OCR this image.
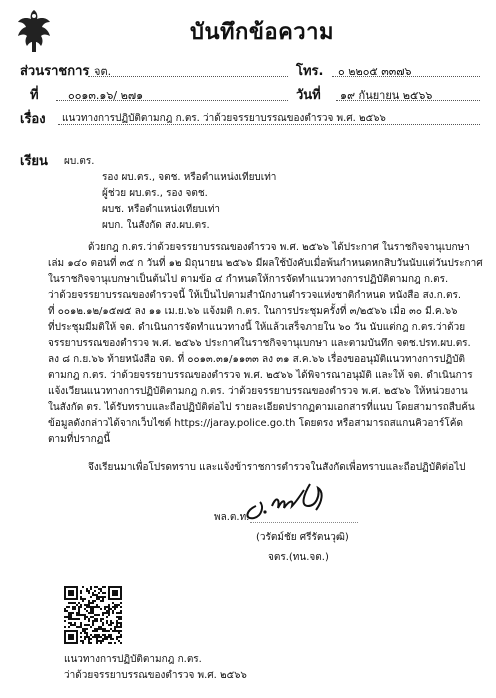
บันทึกข้อความ
ส่วนราชการ จต.	โทร. ๐ ๒๒๐๕ ๓๓๗๖
ที่	๐๐๑๓.๑๖/ ๒๗๑	วันที่ ๑๙ กันยายน ๒๕๖๖
เรื่อง แนวทางการปฏิบัติตามกฎ ก.ตร. ว่าด้วยจรรยาบรรณของตำรวจ พ.ศ. ๒๕๖๖
เรียน ผบ.ตร.
รอง ผบ.ตร., จตช. หรือตำแหน่งเทียบเท่า
ผู้ช่วย ผบ.ตร., รอง จตช.
ผบช. หรือตำแหน่งเทียบเท่า
ผบก. ในสังกัด สง.ผบ.ตร.
ด้วยกฎ ก.ตร.ว่าด้วยจรรยาบรรณของตำรวจ พ.ศ. ๒๕๖๖ ได้ประกาศ ในราชกิจจานุเบกษา
เล่ม ๑๔๐ ตอนที่ ๓๕ ก วันที่ ๑๒ มิถุนายน ๒๕๖๖ มีผลใช้บังคับเมื่อพ้นกำหนดหกสิบวันนับแต่วันประกาศ
ในราชกิจจานุเบกษาเป็นต้นไป ตามข้อ ๔ กำหนดให้การจัดทำแนวทางการปฏิบัติตามกฎ ก.ตร.
ว่าด้วยจรรยาบรรณของตำรวจนี้ ให้เป็นไปตามสำนักงานตำรวจแห่งชาติกำหนด หนังสือ สง.ก.ตร.
ที่ ๐๐๑๒.๑๒/๑๕๗๕ ลง ๑๑ เม.ย.๖๖ แจ้งมติ ก.ตร. ในการประชุมครั้งที่ ๓/๒๕๖๖ เมื่อ ๓๐ มี.ค.๖๖
ที่ประชุมมีมติให้ จต. ดำเนินการจัดทำแนวทางนี้ ให้แล้วเสร็จภายใน ๖๐ วัน นับแต่กฎ ก.ตร.ว่าด้วย
จรรยาบรรณของตำรวจ พ.ศ. ๒๕๖๖ ประกาศในราชกิจจานุเบกษา และตามบันทึก จตช.ปรท.ผบ.ตร.
ลง ๘ ก.ย.๖๖ ท้ายหนังสือ จต. ที่ ๐๐๑๓.๓๑/๑๑๓๓ ลง ๓๑ ส.ค.๖๖ เรื่องขออนุมัติแนวทางการปฏิบัติ
ตามกฎ ก.ตร. ว่าด้วยจรรยาบรรณของตำรวจ พ.ศ. ๒๕๖๖ ได้พิจารณาอนุมัติ และให้ จต. ดำเนินการ
แจ้งเวียนแนวทางการปฏิบัติตามกฎ ก.ตร. ว่าด้วยจรรยาบรรณของตำรวจ พ.ศ. ๒๕๖๖ ให้หน่วยงาน
ในสังกัด ตร. ได้รับทราบและถือปฏิบัติต่อไป รายละเอียดปรากฏตามเอกสารที่แนบ โดยสามารถสืบค้น
ข้อมูลดังกล่าวได้จากเว็บไซต์ https://jaray.police.go.th โดยตรง หรือสามารถสแกนคิวอาร์โค้ด
ตามที่ปรากฏนี้
จึงเรียนมาเพื่อโปรดทราบ และแจ้งข้าราชการตำรวจในสังกัดเพื่อทราบและถือปฏิบัติต่อไป
พล.ต.ท.
(วรัตม์ชัย ศรีรัตนวุฒิ)
จตร.(ทน.จต.)
แนวทางการปฏิบัติตามกฎ ก.ตร.
ว่าด้วยจรรยาบรรณของตำรวจ พ.ศ. ๒๕๖๖
